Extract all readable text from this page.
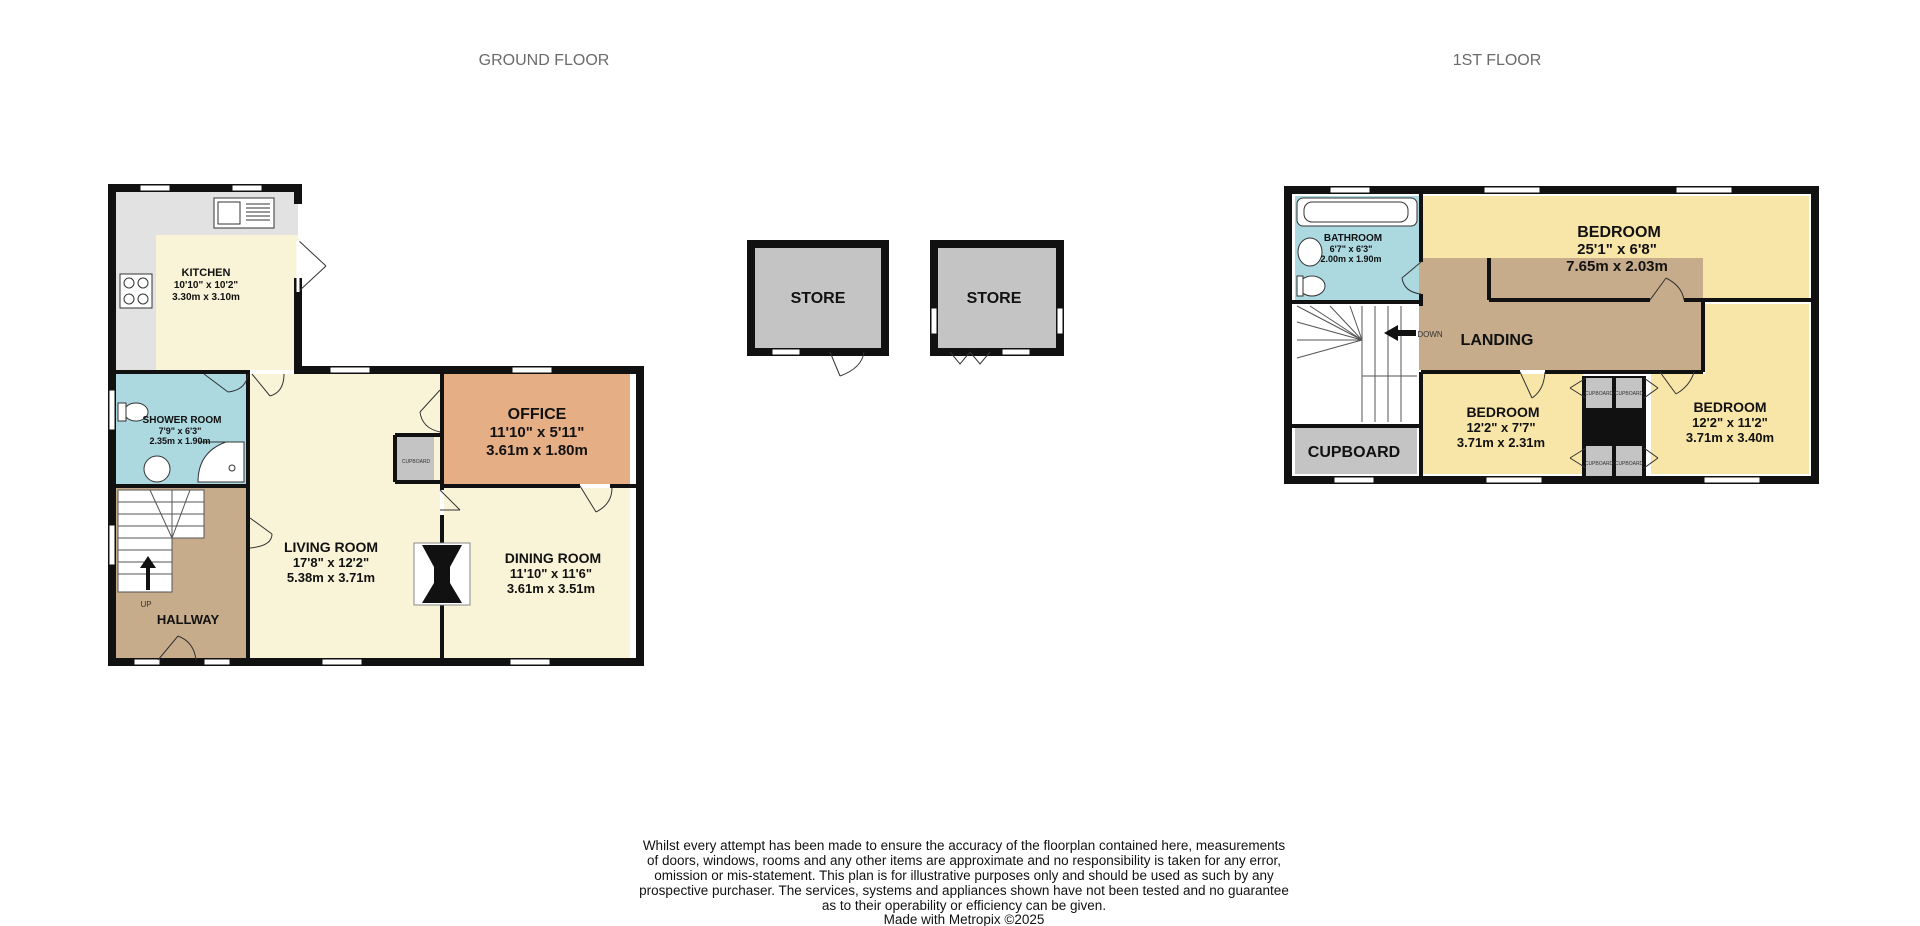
GROUND FLOOR	1ST FLOOR
UP
KITCHEN
10'10" x 10'2"
3.30m x 3.10m
SHOWER ROOM
7'9" x 6'3"
2.35m x 1.90m
HALLWAY
LIVING ROOM
17'8" x 12'2"
5.38m x 3.71m
OFFICE
11'10" x 5'11"
3.61m x 1.80m
CUPBOARD
DINING ROOM
11'10" x 11'6"
3.61m x 3.51m
STORE	STORE
CUPBOARD CUPBOARD
CUPBOARD CUPBOARD
DOWN
BATHROOM
6'7" x 6'3"
2.00m x 1.90m
BEDROOM
25'1" x 6'8"
7.65m x 2.03m
LANDING
BEDROOM
12'2" x 7'7"
3.71m x 2.31m
BEDROOM
12'2" x 11'2"
3.71m x 3.40m
CUPBOARD
Whilst every attempt has been made to ensure the accuracy of the floorplan contained here, measurements
of doors, windows, rooms and any other items are approximate and no responsibility is taken for any error,
omission or mis-statement. This plan is for illustrative purposes only and should be used as such by any
prospective purchaser. The services, systems and appliances shown have not been tested and no guarantee
as to their operability or efficiency can be given.
Made with Metropix ©2025
